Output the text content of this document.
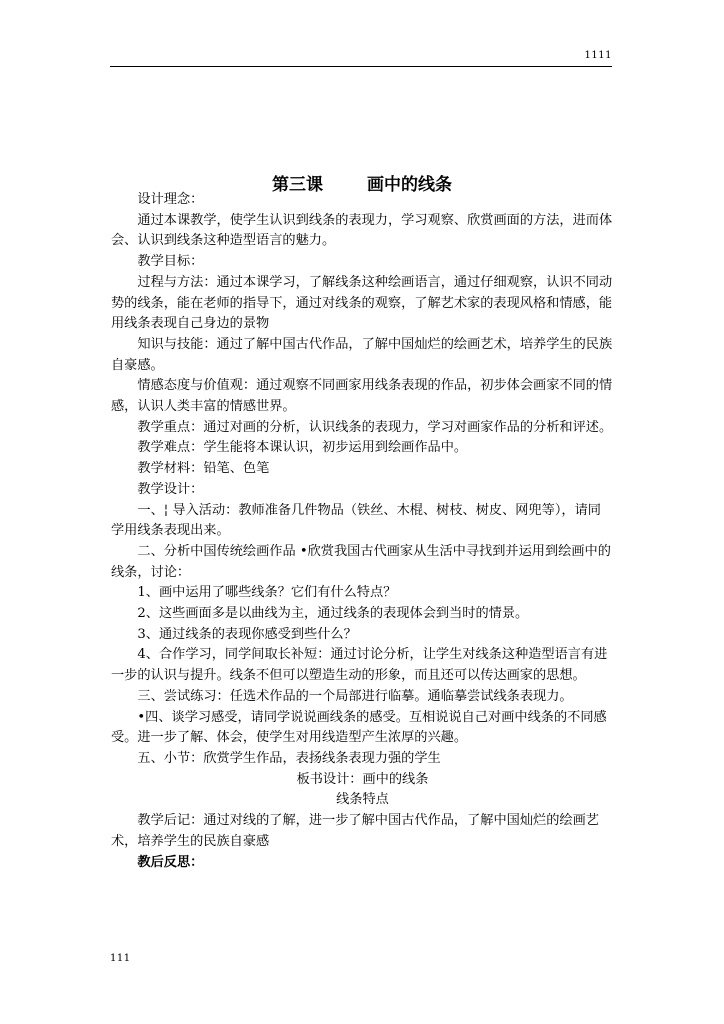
1111
第三课	画中的线条

设计理念：

通过本课教学，使学生认识到线条的表现力，学习观察、欣赏画面的方法，进而体会、认识到线条这种造型语言的魅力。

教学目标：

过程与方法：通过本课学习，了解线条这种绘画语言，通过仔细观察，认识不同动势的线条，能在老师的指导下，通过对线条的观察，了解艺术家的表现风格和情感，能用线条表现自己身边的景物

知识与技能：通过了解中国古代作品，了解中国灿烂的绘画艺术，培养学生的民族自豪感。

情感态度与价值观：通过观察不同画家用线条表现的作品，初步体会画家不同的情感，认识人类丰富的情感世界。

教学重点：通过对画的分析，认识线条的表现力，学习对画家作品的分析和评述。

教学难点：学生能将本课认识，初步运用到绘画作品中。

教学材料：铅笔、色笔

教学设计：

一、¦ 导入活动：教师准备几件物品（铁丝、木棍、树枝、树皮、网兜等），请同学用线条表现出来。

二、分析中国传统绘画作品 •欣赏我国古代画家从生活中寻找到并运用到绘画中的线条，讨论：

1、画中运用了哪些线条？它们有什么特点？

2、这些画面多是以曲线为主，通过线条的表现体会到当时的情景。

3、通过线条的表现你感受到些什么？

4、合作学习，同学间取长补短：通过讨论分析，让学生对线条这种造型语言有进一步的认识与提升。线条不但可以塑造生动的形象，而且还可以传达画家的思想。

三、尝试练习：任选术作品的一个局部进行临摹。通临摹尝试线条表现力。

•四、谈学习感受，请同学说说画线条的感受。互相说说自己对画中线条的不同感受。进一步了解、体会，使学生对用线造型产生浓厚的兴趣。

五、小节：欣赏学生作品，表扬线条表现力强的学生

板书设计：画中的线条

线条特点

教学后记：通过对线的了解，进一步了解中国古代作品，了解中国灿烂的绘画艺术，培养学生的民族自豪感

教后反思：

111
